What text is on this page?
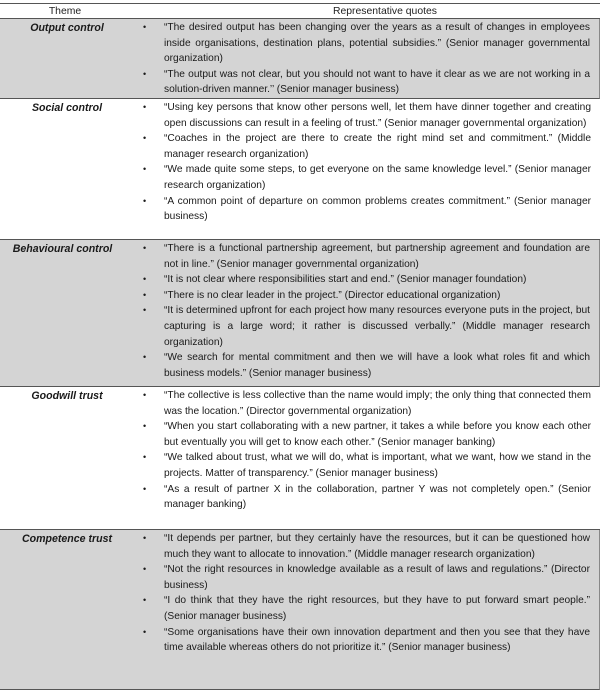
Theme	Representative quotes
Output control	•	“The desired output has been changing over the years as a result of changes in employees inside organisations, destination plans, potential subsidies.” (Senior manager governmental organization)
•	“The output was not clear, but you should not want to have it clear as we are not working in a solution-driven manner.’’ (Senior manager business)
Social control	•	“Using key persons that know other persons well, let them have dinner together and creating open discussions can result in a feeling of trust.” (Senior manager governmental organization)
•	“Coaches in the project are there to create the right mind set and commitment.” (Middle manager research organization)
•	“We made quite some steps, to get everyone on the same knowledge level.” (Senior manager research organization)
•	“A common point of departure on common problems creates commitment.” (Senior manager business)
Behavioural control	•	“There is a functional partnership agreement, but partnership agreement and foundation are not in line.” (Senior manager governmental organization)
•	“It is not clear where responsibilities start and end.” (Senior manager foundation)
•	“There is no clear leader in the project.” (Director educational organization)
•	“It is determined upfront for each project how many resources everyone puts in the project, but capturing is a large word; it rather is discussed verbally.” (Middle manager research organization)
•	“We search for mental commitment and then we will have a look what roles fit and which business models.” (Senior manager business)
Goodwill trust	•	“The collective is less collective than the name would imply; the only thing that connected them was the location.” (Director governmental organization)
•	“When you start collaborating with a new partner, it takes a while before you know each other but eventually you will get to know each other.” (Senior manager banking)
•	“We talked about trust, what we will do, what is important, what we want, how we stand in the projects. Matter of transparency.” (Senior manager business)
•	“As a result of partner X in the collaboration, partner Y was not completely open.” (Senior manager banking)
Competence trust	•	“It depends per partner, but they certainly have the resources, but it can be questioned how much they want to allocate to innovation.” (Middle manager research organization)
•	“Not the right resources in knowledge available as a result of laws and regulations.” (Director business)
•	“I do think that they have the right resources, but they have to put forward smart people.” (Senior manager business)
•	“Some organisations have their own innovation department and then you see that they have time available whereas others do not prioritize it.” (Senior manager business)
